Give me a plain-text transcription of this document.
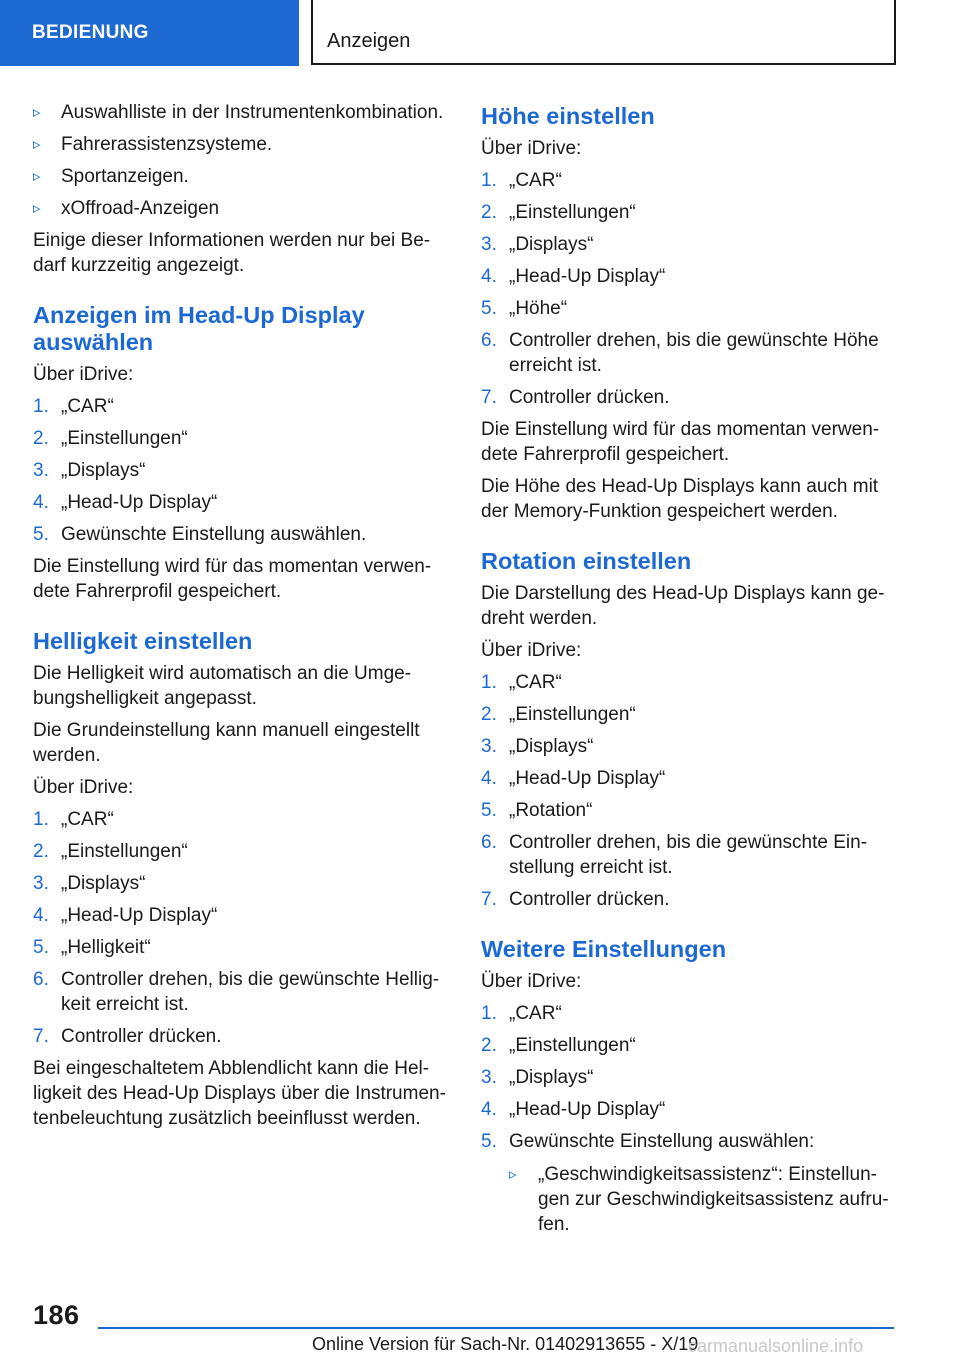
BEDIENUNG	Anzeigen
▹ Auswahlliste in der Instrumentenkombination.
▹ Fahrerassistenzsysteme.
▹ Sportanzeigen.
▹ xOffroad-Anzeigen

Einige dieser Informationen werden nur bei Bedarf kurzzeitig angezeigt.

Anzeigen im Head-Up Display auswählen

Über iDrive:

1. „CAR“
2. „Einstellungen“
3. „Displays“
4. „Head-Up Display“
5. Gewünschte Einstellung auswählen.

Die Einstellung wird für das momentan verwendete Fahrerprofil gespeichert.

Helligkeit einstellen

Die Helligkeit wird automatisch an die Umgebungshelligkeit angepasst.

Die Grundeinstellung kann manuell eingestellt werden.

Über iDrive:

1. „CAR“
2. „Einstellungen“
3. „Displays“
4. „Head-Up Display“
5. „Helligkeit“
6. Controller drehen, bis die gewünschte Helligkeit erreicht ist.
7. Controller drücken.

Bei eingeschaltetem Abblendlicht kann die Helligkeit des Head-Up Displays über die Instrumentenbeleuchtung zusätzlich beeinflusst werden.

Höhe einstellen

Über iDrive:

1. „CAR“
2. „Einstellungen“
3. „Displays“
4. „Head-Up Display“
5. „Höhe“
6. Controller drehen, bis die gewünschte Höhe erreicht ist.
7. Controller drücken.

Die Einstellung wird für das momentan verwendete Fahrerprofil gespeichert.

Die Höhe des Head-Up Displays kann auch mit der Memory-Funktion gespeichert werden.

Rotation einstellen

Die Darstellung des Head-Up Displays kann gedreht werden.

Über iDrive:

1. „CAR“
2. „Einstellungen“
3. „Displays“
4. „Head-Up Display“
5. „Rotation“
6. Controller drehen, bis die gewünschte Einstellung erreicht ist.
7. Controller drücken.
Weitere Einstellungen

Über iDrive:

1. „CAR“
2. „Einstellungen“
3. „Displays“
4. „Head-Up Display“
5. Gewünschte Einstellung auswählen:
▹ „Geschwindigkeitsassistenz“: Einstellungen zur Geschwindigkeitsassistenz aufrufen.
186
Online Version für Sach-Nr. 01402913655 - X/19
carmanualsonline.info
